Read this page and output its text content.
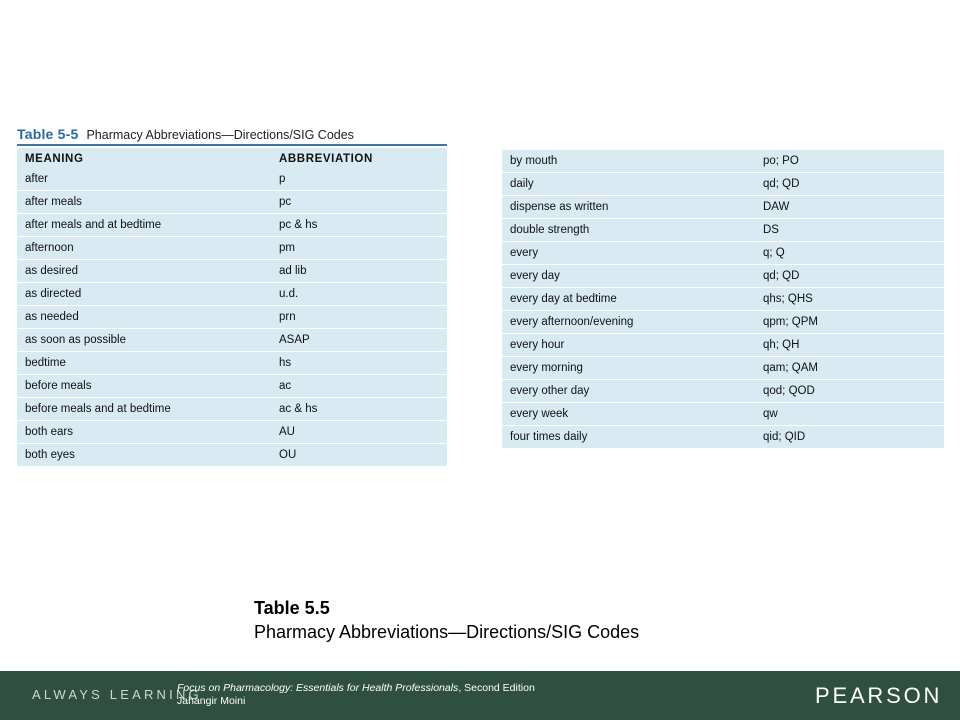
Table 5-5 Pharmacy Abbreviations—Directions/SIG Codes
MEANING	ABBREVIATION
after	p
after meals	pc
after meals and at bedtime	pc & hs
afternoon	pm
as desired	ad lib
as directed	u.d.
as needed	prn
as soon as possible	ASAP
bedtime	hs
before meals	ac
before meals and at bedtime	ac & hs
both ears	AU
both eyes	OU
by mouth	po; PO
daily	qd; QD
dispense as written	DAW
double strength	DS
every	q; Q
every day	qd; QD
every day at bedtime	qhs; QHS
every afternoon/evening	qpm; QPM
every hour	qh; QH
every morning	qam; QAM
every other day	qod; QOD
every week	qw
four times daily	qid; QID
Table 5.5
Pharmacy Abbreviations—Directions/SIG Codes
ALWAYS LEARNING
Focus on Pharmacology: Essentials for Health Professionals, Second Edition
Jahangir Moini	PEARSON
